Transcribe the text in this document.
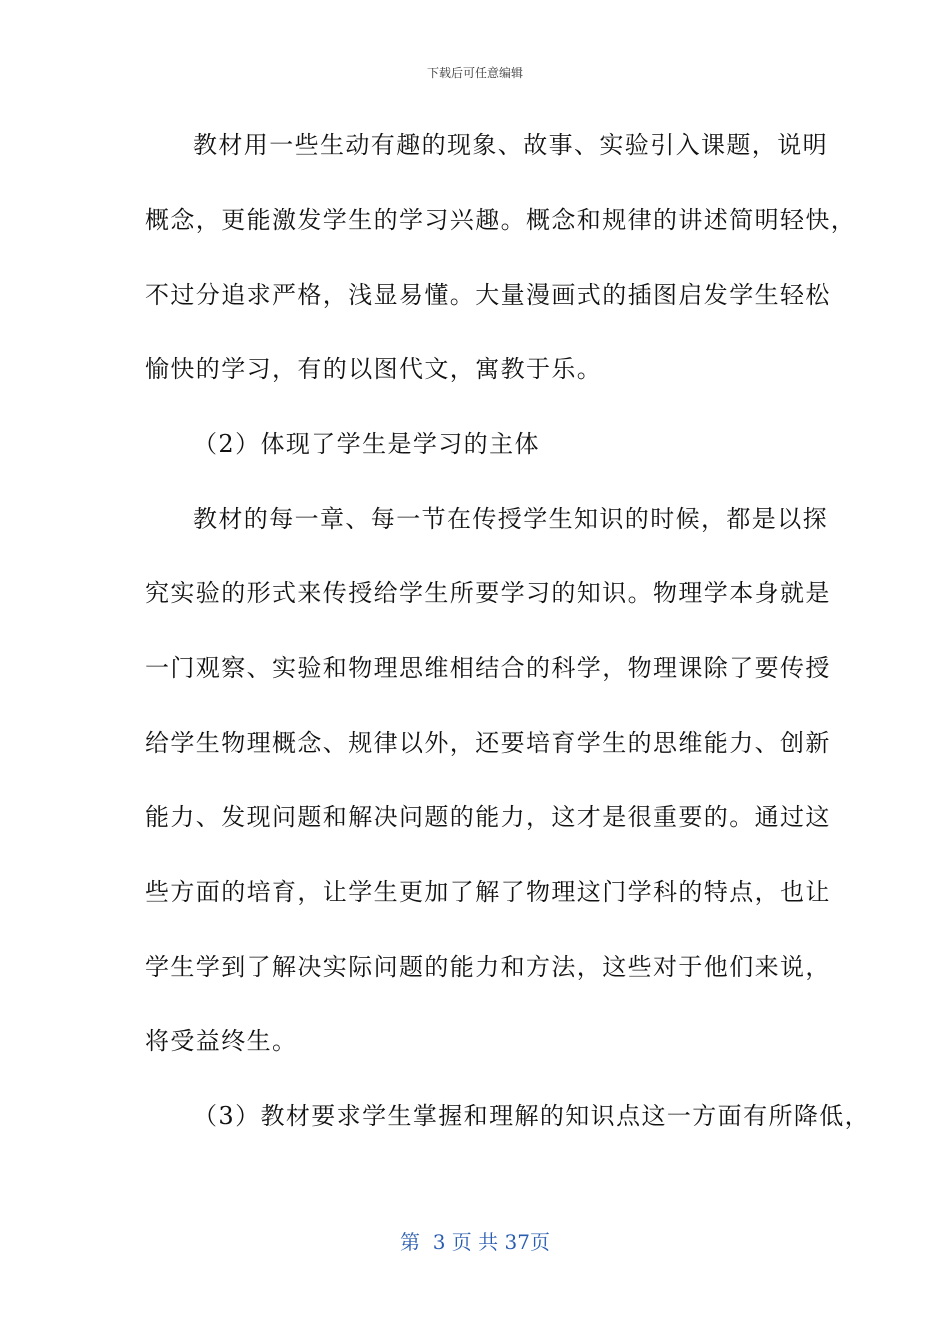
下载后可任意编辑
教材用一些生动有趣的现象、故事、实验引入课题，说明
概念，更能激发学生的学习兴趣。概念和规律的讲述简明轻快，
不过分追求严格，浅显易懂。大量漫画式的插图启发学生轻松
愉快的学习，有的以图代文，寓教于乐。
（2）体现了学生是学习的主体
教材的每一章、每一节在传授学生知识的时候，都是以探
究实验的形式来传授给学生所要学习的知识。物理学本身就是
一门观察、实验和物理思维相结合的科学，物理课除了要传授
给学生物理概念、规律以外，还要培育学生的思维能力、创新
能力、发现问题和解决问题的能力，这才是很重要的。通过这
些方面的培育，让学生更加了解了物理这门学科的特点，也让
学生学到了解决实际问题的能力和方法，这些对于他们来说，
将受益终生。
（3）教材要求学生掌握和理解的知识点这一方面有所降低，
第  3 页 共 37页
